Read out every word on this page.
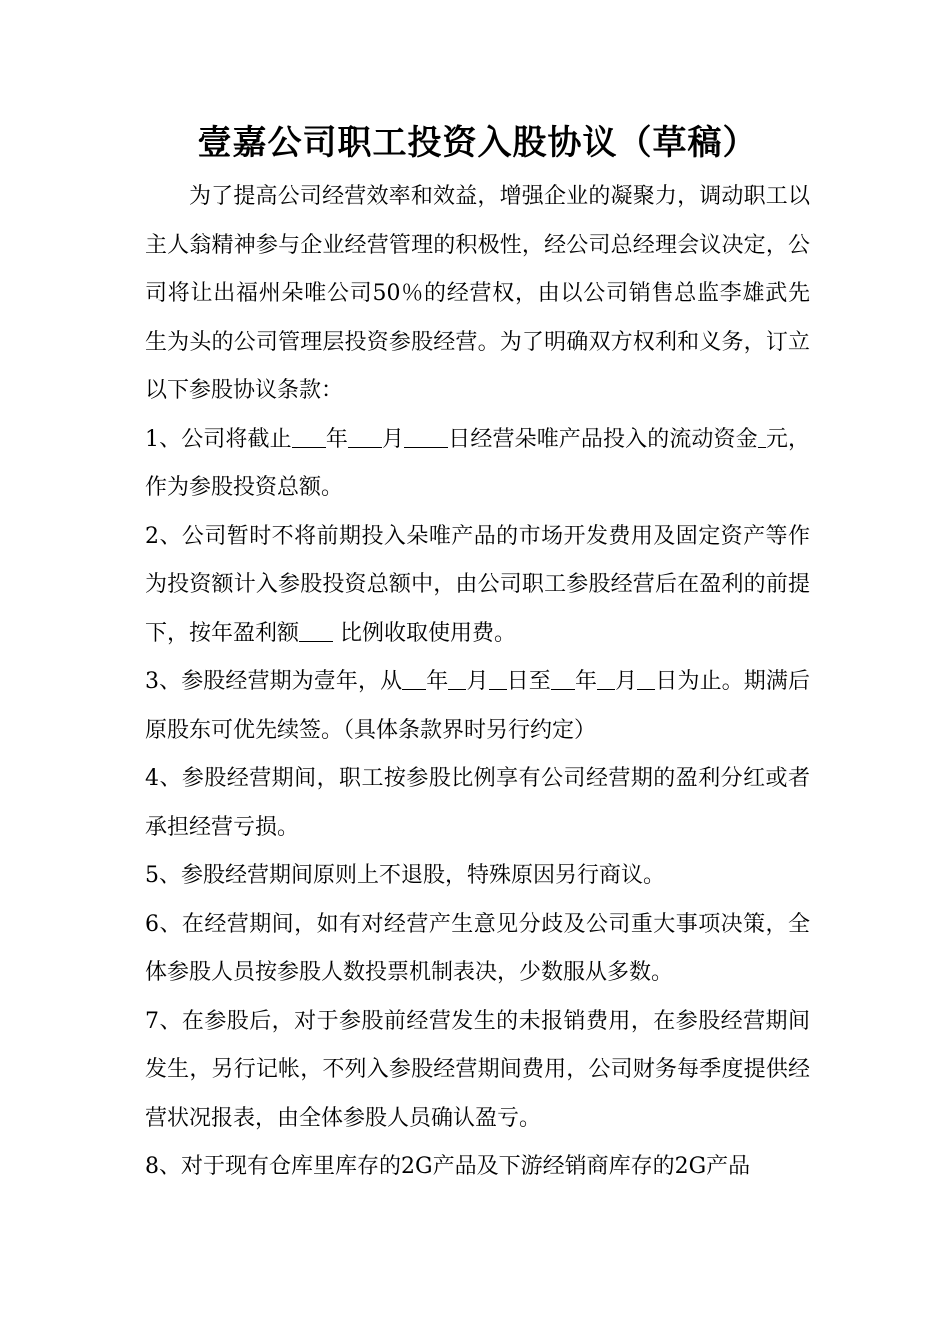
壹嘉公司职工投资入股协议（草稿）

为了提高公司经营效率和效益，增强企业的凝聚力，调动职工以主人翁精神参与企业经营管理的积极性，经公司总经理会议决定，公司将让出福州朵唯公司50％的经营权，由以公司销售总监李雄武先生为头的公司管理层投资参股经营。为了明确双方权利和义务，订立以下参股协议条款：

1、公司将截止 年 月 日经营朵唯产品投入的流动资金 元，作为参股投资总额。

2、公司暂时不将前期投入朵唯产品的市场开发费用及固定资产等作为投资额计入参股投资总额中，由公司职工参股经营后在盈利的前提下，按年盈利额 比例收取使用费。

3、参股经营期为壹年，从 年 月 日至 年 月 日为止。期满后原股东可优先续签。（具体条款界时另行约定）

4、参股经营期间，职工按参股比例享有公司经营期的盈利分红或者承担经营亏损。

5、参股经营期间原则上不退股，特殊原因另行商议。

6、在经营期间，如有对经营产生意见分歧及公司重大事项决策，全体参股人员按参股人数投票机制表决，少数服从多数。

7、在参股后，对于参股前经营发生的未报销费用，在参股经营期间发生，另行记帐，不列入参股经营期间费用，公司财务每季度提供经营状况报表，由全体参股人员确认盈亏。

8、对于现有仓库里库存的2G产品及下游经销商库存的2G产品
